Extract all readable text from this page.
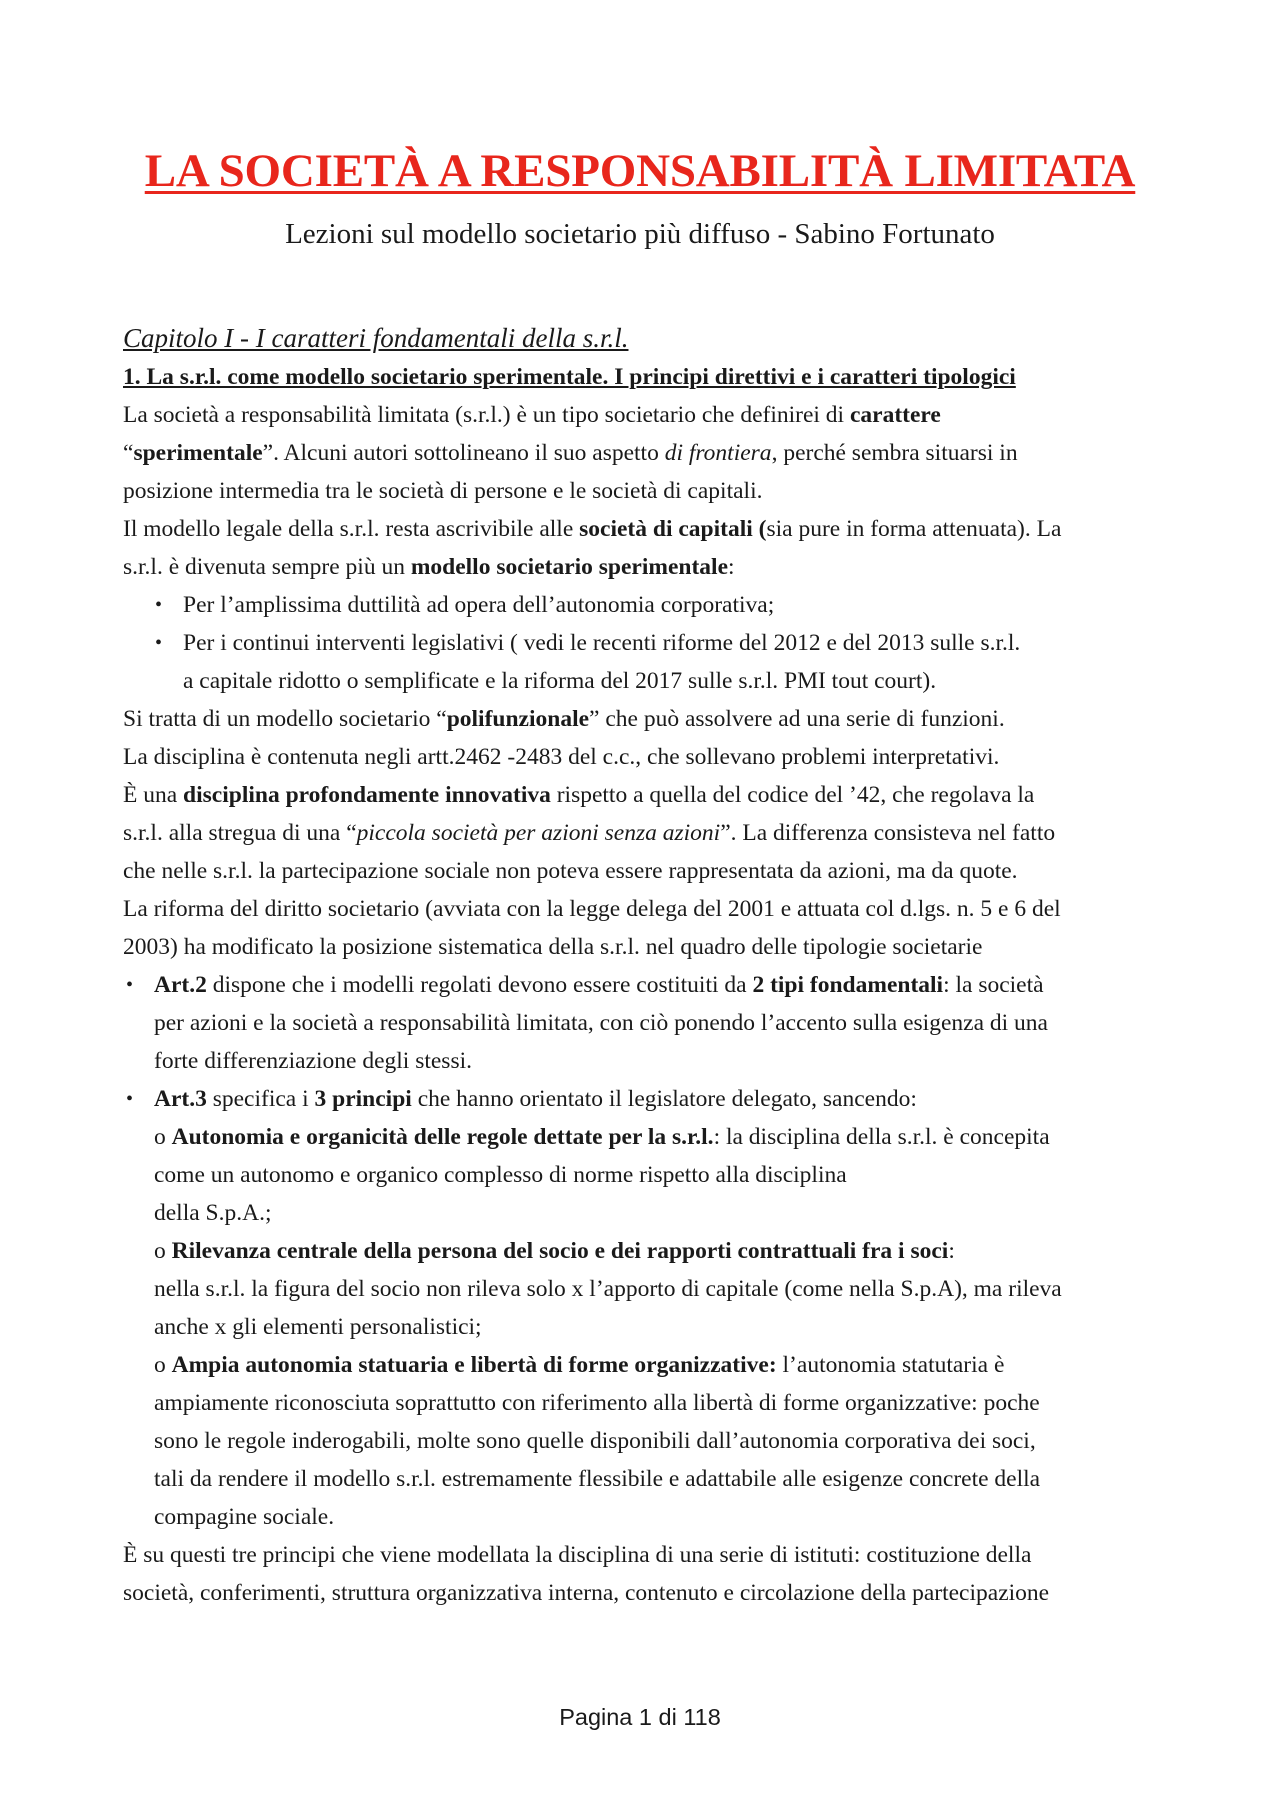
LA SOCIETÀ A RESPONSABILITÀ LIMITATA
Lezioni sul modello societario più diffuso - Sabino Fortunato
Capitolo I - I caratteri fondamentali della s.r.l.
1. La s.r.l. come modello societario sperimentale. I principi direttivi e i caratteri tipologici
La società a responsabilità limitata (s.r.l.) è un tipo societario che definirei di carattere
“sperimentale”. Alcuni autori sottolineano il suo aspetto di frontiera, perché sembra situarsi in
posizione intermedia tra le società di persone e le società di capitali.
Il modello legale della s.r.l. resta ascrivibile alle società di capitali (sia pure in forma attenuata). La
s.r.l. è divenuta sempre più un modello societario sperimentale:
• Per l’amplissima duttilità ad opera dell’autonomia corporativa;
• Per i continui interventi legislativi ( vedi le recenti riforme del 2012 e del 2013 sulle s.r.l.
a capitale ridotto o semplificate e la riforma del 2017 sulle s.r.l. PMI tout court).
Si tratta di un modello societario “polifunzionale” che può assolvere ad una serie di funzioni.
La disciplina è contenuta negli artt.2462 -2483 del c.c., che sollevano problemi interpretativi.
È una disciplina profondamente innovativa rispetto a quella del codice del ’42, che regolava la
s.r.l. alla stregua di una “piccola società per azioni senza azioni”. La differenza consisteva nel fatto
che nelle s.r.l. la partecipazione sociale non poteva essere rappresentata da azioni, ma da quote.
La riforma del diritto societario (avviata con la legge delega del 2001 e attuata col d.lgs. n. 5 e 6 del
2003) ha modificato la posizione sistematica della s.r.l. nel quadro delle tipologie societarie
• Art.2 dispone che i modelli regolati devono essere costituiti da 2 tipi fondamentali: la società
per azioni e la società a responsabilità limitata, con ciò ponendo l’accento sulla esigenza di una
forte differenziazione degli stessi.
• Art.3 specifica i 3 principi che hanno orientato il legislatore delegato, sancendo:
o Autonomia e organicità delle regole dettate per la s.r.l.: la disciplina della s.r.l. è concepita
come un autonomo e organico complesso di norme rispetto alla disciplina
della S.p.A.;
o Rilevanza centrale della persona del socio e dei rapporti contrattuali fra i soci:
nella s.r.l. la figura del socio non rileva solo x l’apporto di capitale (come nella S.p.A), ma rileva
anche x gli elementi personalistici;
o Ampia autonomia statuaria e libertà di forme organizzative: l’autonomia statutaria è
ampiamente riconosciuta soprattutto con riferimento alla libertà di forme organizzative: poche
sono le regole inderogabili, molte sono quelle disponibili dall’autonomia corporativa dei soci,
tali da rendere il modello s.r.l. estremamente flessibile e adattabile alle esigenze concrete della
compagine sociale.
È su questi tre principi che viene modellata la disciplina di una serie di istituti: costituzione della
società, conferimenti, struttura organizzativa interna, contenuto e circolazione della partecipazione
Pagina 1 di 118
